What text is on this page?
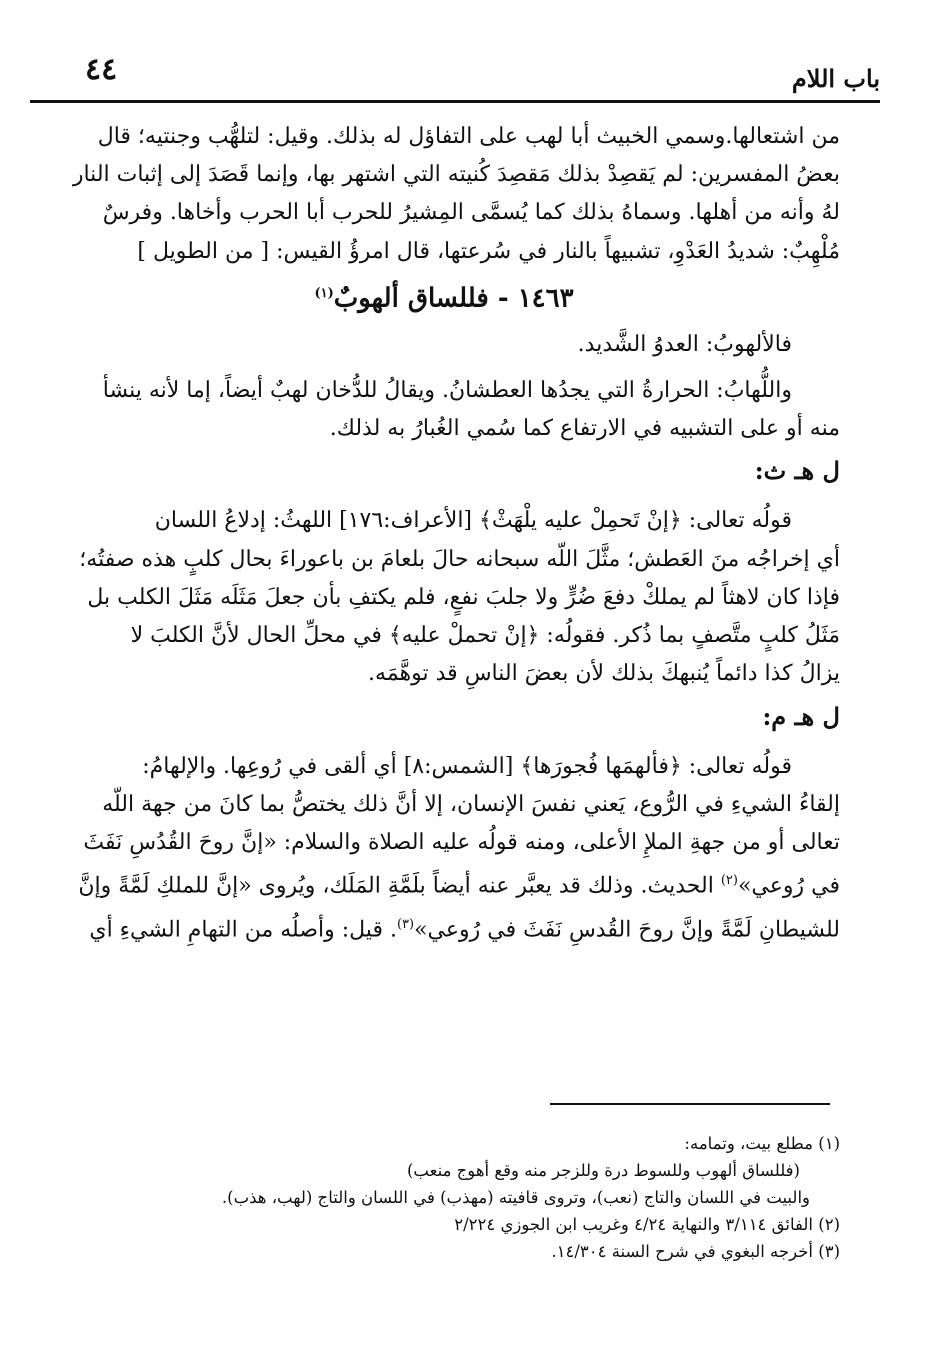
باب اللام
٤٤

من اشتعالها.وسمي الخبيث أبا لهب على التفاؤل له بذلك. وقيل: لتلهُّب وجنتيه؛ قال

بعضُ المفسرين: لم يَقصِدْ بذلك مَقصِدَ كُنيته التي اشتهر بها، وإنما قَصَدَ إلى إثبات النار

لهُ وأنه من أهلها. وسماهُ بذلك كما يُسمَّى المِشيرُ للحرب أبا الحرب وأخاها. وفرسٌ

مُلْهِبٌ: شديدُ العَدْوِ، تشبيهاً بالنار في سُرعتها، قال امرؤُ القيس: [ من الطويل ]

١٤٦٣ - فللساق ألهوبٌ$^{(١)}$

فالألهوبُ: العدوُ الشَّديد.

واللُّهابُ: الحرارةُ التي يجدُها العطشانُ. ويقالُ للدُّخان لهبٌ أيضاً، إما لأنه ينشأ

منه أو على التشبيه في الارتفاع كما سُمي الغُبارُ به لذلك.

ل هـ ث:

قولُه تعالى: ﴿إنْ تَحمِلْ عليه يلْهَثْ﴾ [الأعراف:١٧٦] اللهثُ: إدلاعُ اللسان

أي إخراجُه منَ العَطش؛ مثَّلَ اللّه سبحانه حالَ بلعامَ بن باعوراءَ بحال كلبٍ هذه صفتُه؛

فإذا كان لاهثاً لم يملكْ دفعَ ضُرٍّ ولا جلبَ نفعٍ، فلم يكتفِ بأن جعلَ مَثَلَه مَثَلَ الكلب بل

مَثَلُ كلبٍ متَّصفٍ بما ذُكر. فقولُه: ﴿إنْ تحملْ عليه﴾ في محلِّ الحال لأنَّ الكلبَ لا

يزالُ كذا دائماً يُنبهكَ بذلك لأن بعضَ الناسِ قد توهَّمَه.

ل هـ م:

قولُه تعالى: ﴿فألهمَها فُجورَها﴾ [الشمس:٨] أي ألقى في رُوعِها. والإلهامُ:

إلقاءُ الشيءِ في الرُّوع، يَعني نفسَ الإنسان، إلا أنَّ ذلك يختصُّ بما كانَ من جهة اللّه

تعالى أو من جهةِ الملإِ الأعلى، ومنه قولُه عليه الصلاة والسلام: «إنَّ روحَ القُدُسِ نَفَثَ

في رُوعي»$^{(٢)}$ الحديث. وذلك قد يعبَّر عنه أيضاً بلَمَّةِ المَلَك، ويُروى «إنَّ للملكِ لَمَّةً وإنَّ

للشيطانِ لَمَّةً وإنَّ روحَ القُدسِ نَفَثَ في رُوعي»$^{(٣)}$. قيل: وأصلُه من التهامِ الشيءِ أي

(١) مطلع بيت، وتمامه:

(فللساق ألهوب وللسوط درة وللزجر منه وقع أهوج منعب)

والبيت في اللسان والتاج (نعب)، وتروى قافيته (مهذب) في اللسان والتاج (لهب، هذب).

(٢) الفائق ٣/١١٤ والنهاية ٤/٢٤ وغريب ابن الجوزي ٢/٢٢٤

(٣) أخرجه البغوي في شرح السنة ١٤/٣٠٤.
